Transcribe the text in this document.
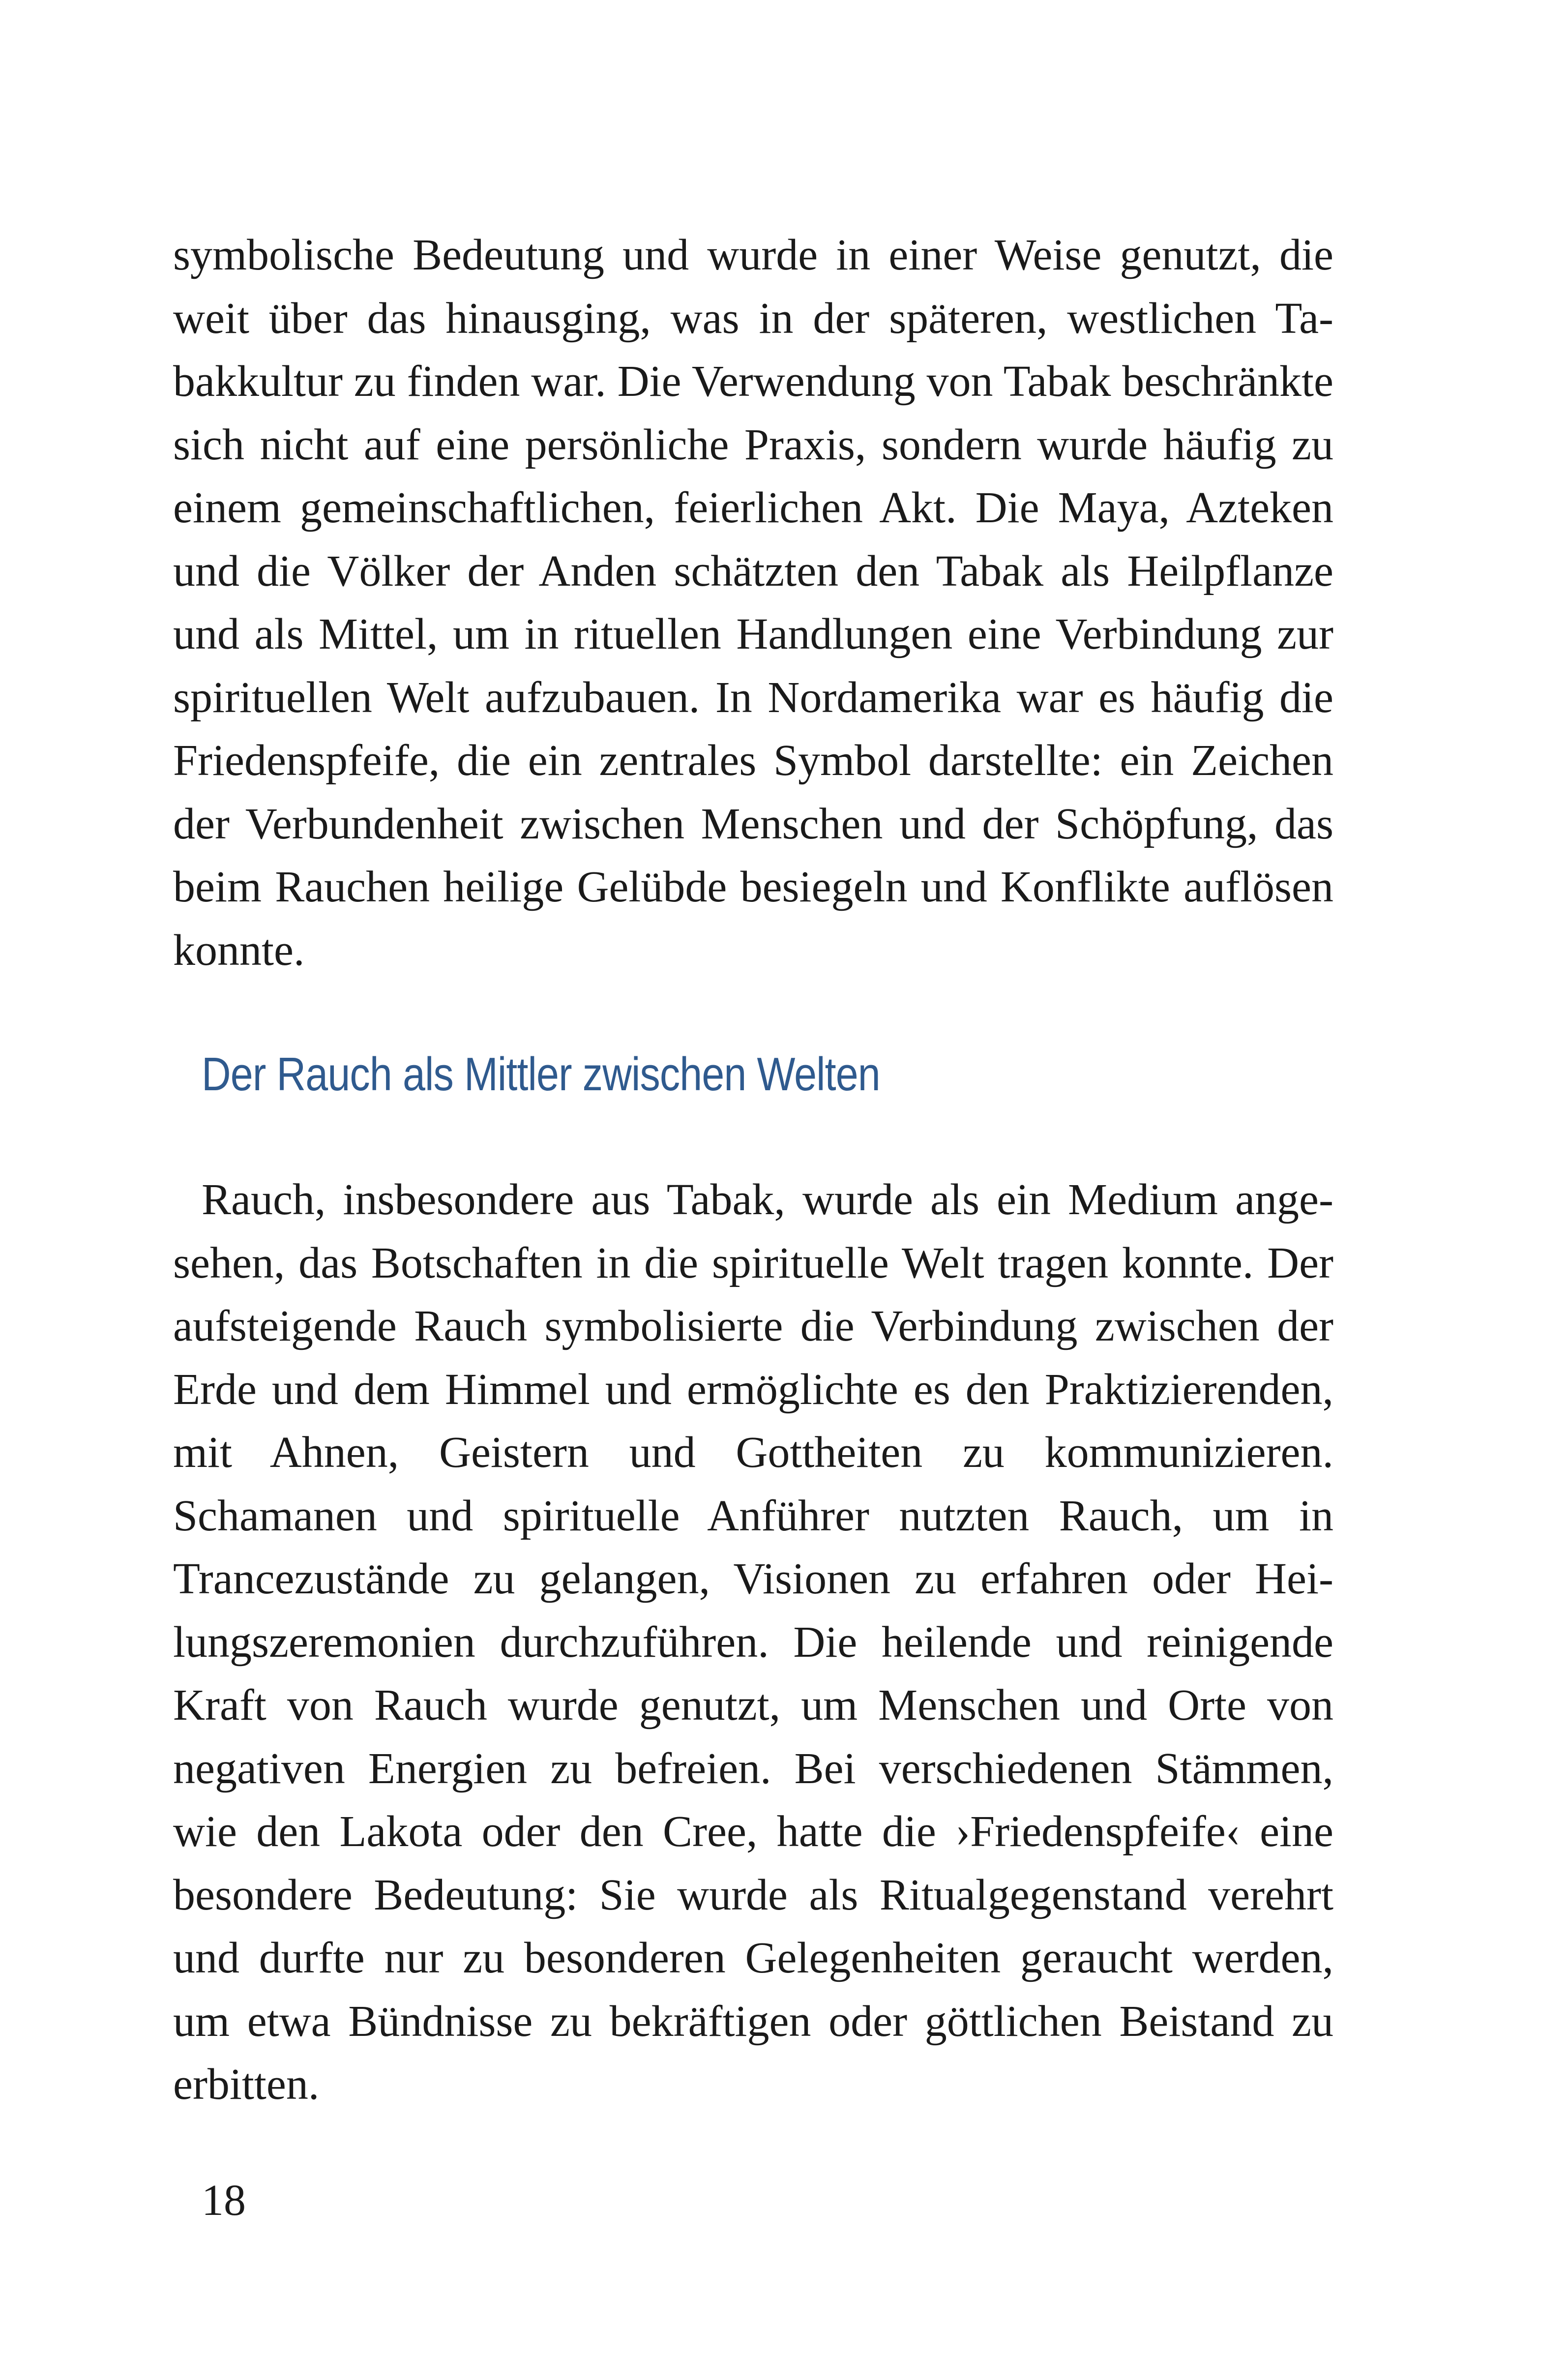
symbolische Bedeutung und wurde in einer Weise genutzt, die weit über das hinausging, was in der späteren, westlichen Tabakkultur zu finden war. Die Verwendung von Tabak beschränkte sich nicht auf eine persönliche Praxis, sondern wurde häufig zu einem gemeinschaftlichen, feierlichen Akt. Die Maya, Azteken und die Völker der Anden schätzten den Tabak als Heilpflanze und als Mittel, um in rituellen Handlungen eine Verbindung zur spirituellen Welt aufzubauen. In Nordamerika war es häufig die Friedenspfeife, die ein zentrales Symbol darstellte: ein Zeichen der Verbundenheit zwischen Menschen und der Schöpfung, das beim Rauchen heilige Gelübde besiegeln und Konflikte auflösen konnte.

Der Rauch als Mittler zwischen Welten

Rauch, insbesondere aus Tabak, wurde als ein Medium angesehen, das Botschaften in die spirituelle Welt tragen konnte. Der aufsteigende Rauch symbolisierte die Verbindung zwischen der Erde und dem Himmel und ermöglichte es den Praktizierenden, mit Ahnen, Geistern und Gottheiten zu kommunizieren. Schamanen und spirituelle Anführer nutzten Rauch, um in Trancezustände zu gelangen, Visionen zu erfahren oder Heilungszeremonien durchzuführen. Die heilende und reinigende Kraft von Rauch wurde genutzt, um Menschen und Orte von negativen Energien zu befreien. Bei verschiedenen Stämmen, wie den Lakota oder den Cree, hatte die ›Friedenspfeife‹ eine besondere Bedeutung: Sie wurde als Ritualgegenstand verehrt und durfte nur zu besonderen Gelegenheiten geraucht werden, um etwa Bündnisse zu bekräftigen oder göttlichen Beistand zu erbitten.

18
